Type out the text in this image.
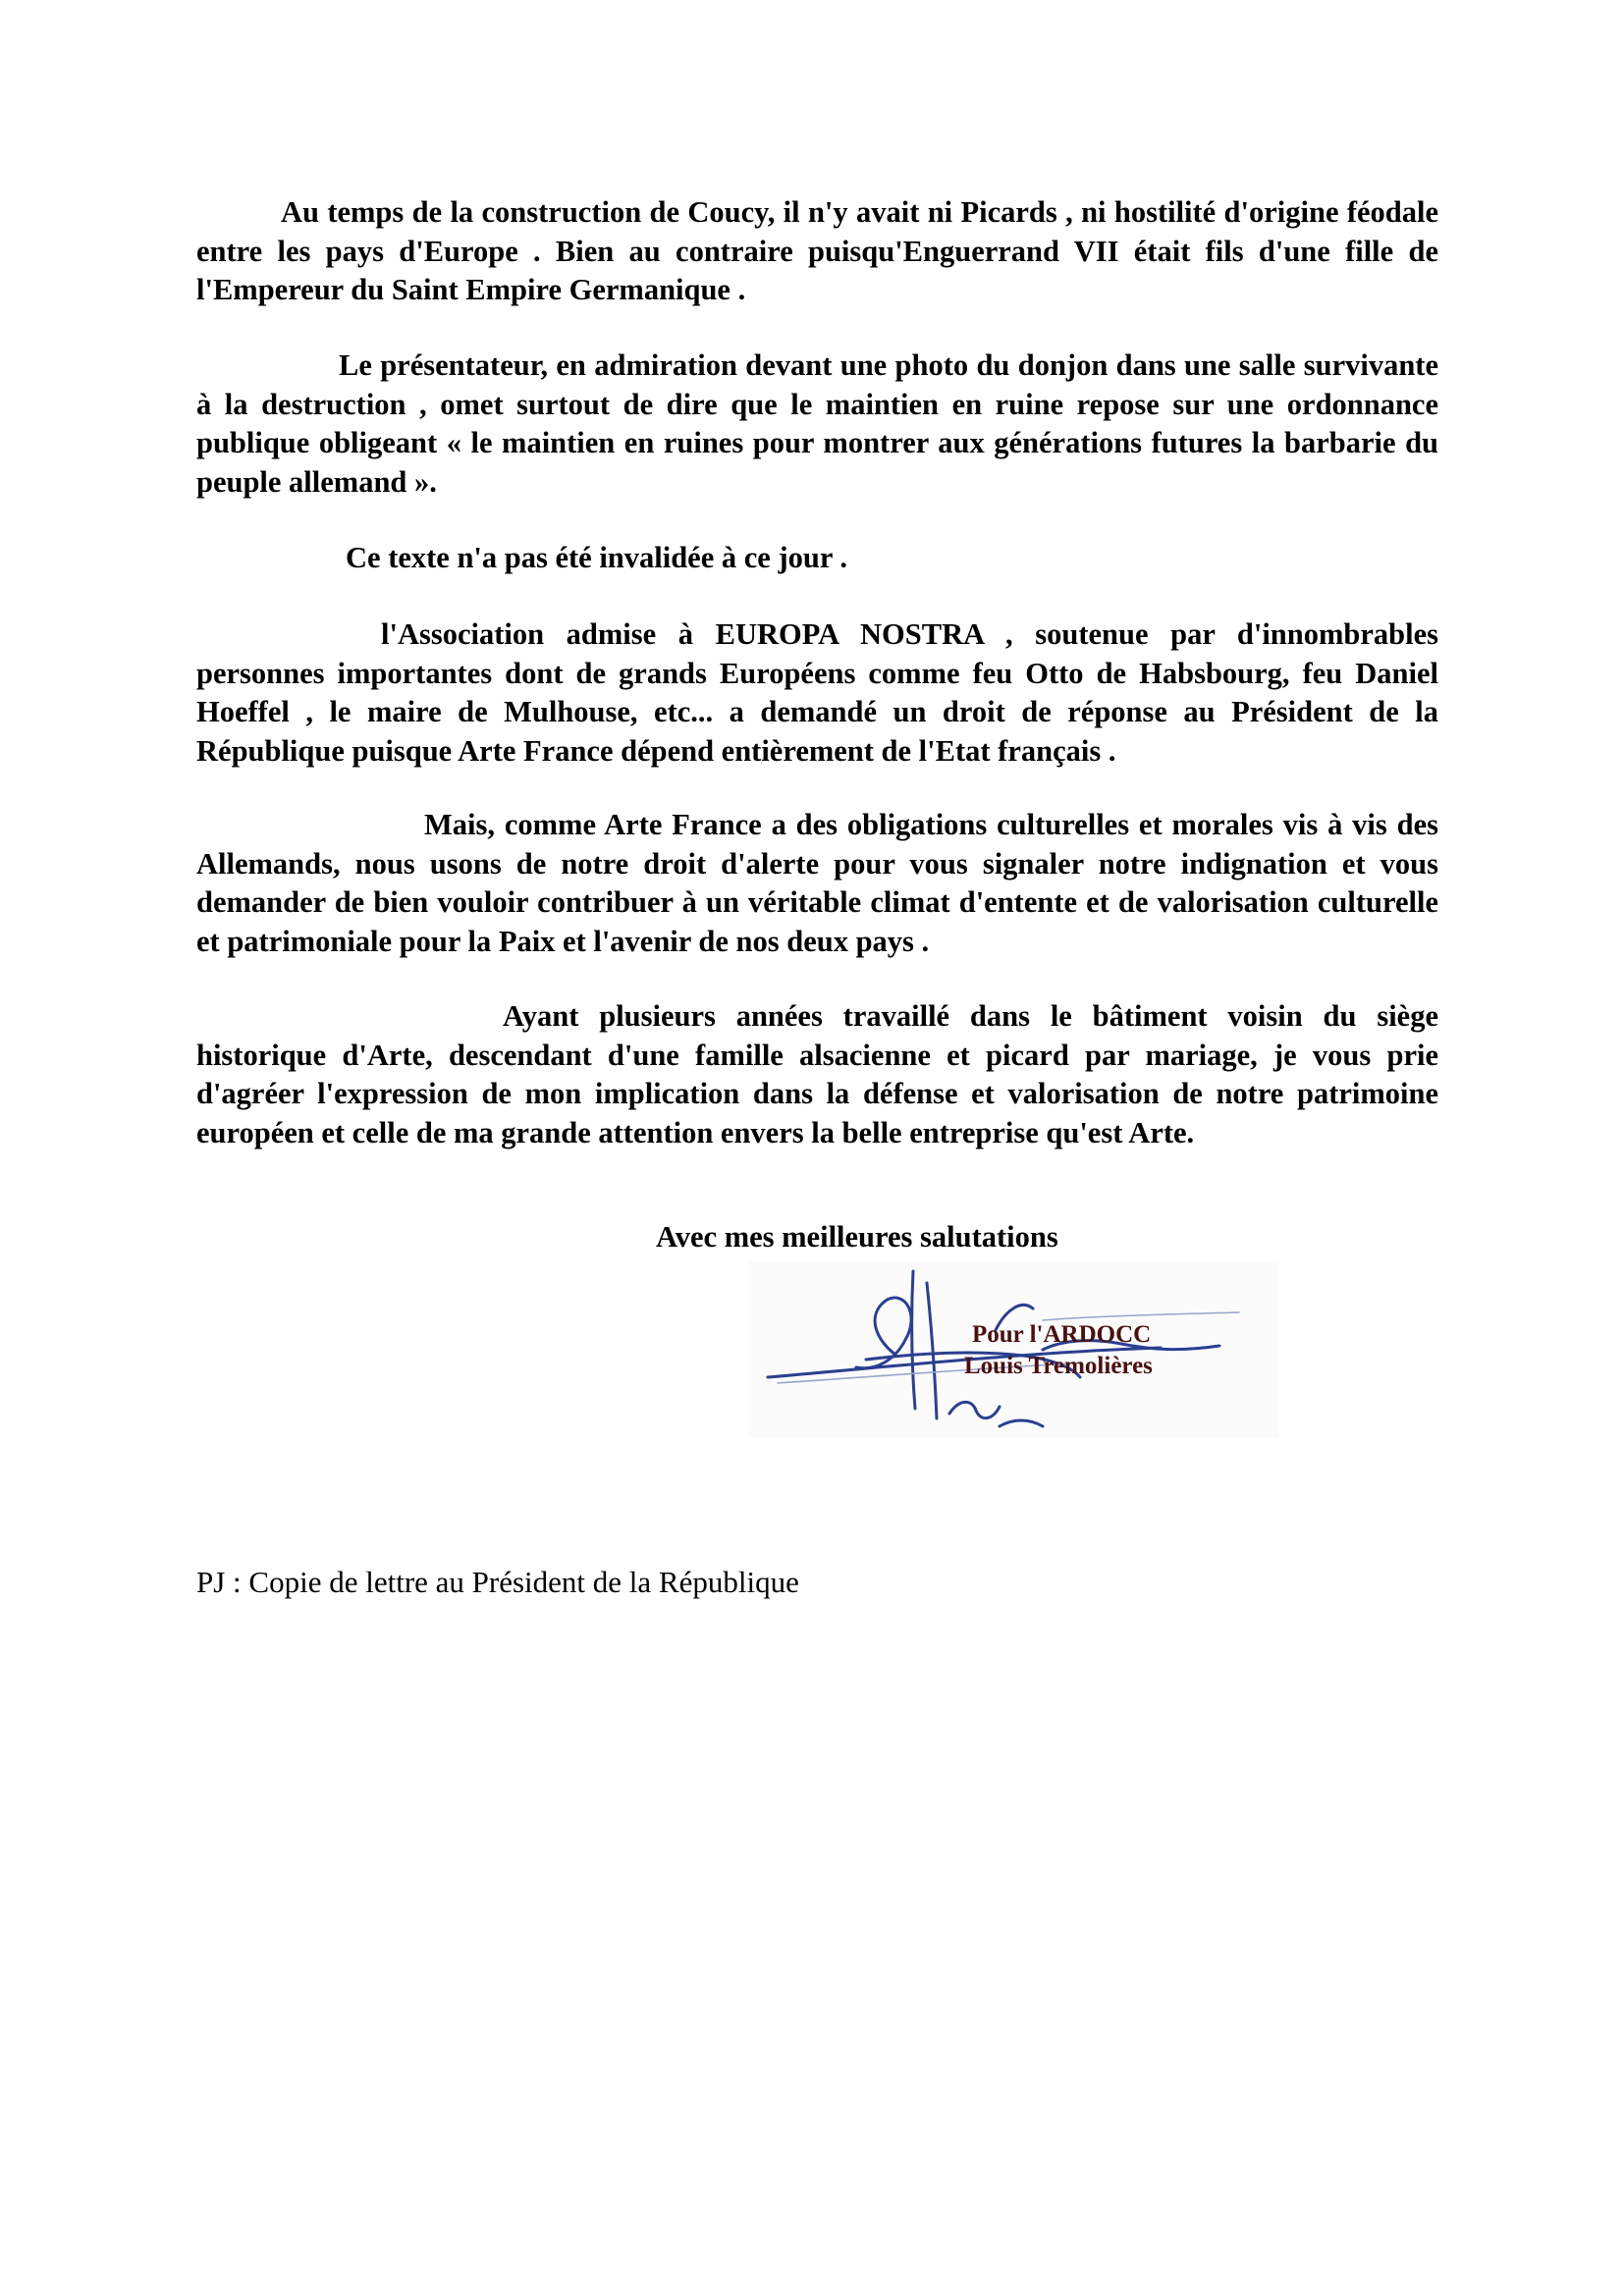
Au temps de la construction de Coucy, il n'y avait ni Picards , ni hostilité d'origine féodale entre les pays d'Europe . Bien au contraire puisqu'Enguerrand VII était fils d'une fille de l'Empereur du Saint Empire Germanique .

Le présentateur, en admiration devant une photo du donjon dans une salle survivante à la destruction , omet surtout de dire que le maintien en ruine repose sur une ordonnance publique obligeant « le maintien en ruines pour montrer aux générations futures la barbarie du peuple allemand ».

Ce texte n'a pas été invalidée à ce jour .

l'Association admise à EUROPA NOSTRA , soutenue par d'innombrables personnes importantes dont de grands Européens comme feu Otto de Habsbourg, feu Daniel Hoeffel , le maire de Mulhouse, etc... a demandé un droit de réponse au Président de la République puisque Arte France dépend entièrement de l'Etat français .

Mais, comme Arte France a des obligations culturelles et morales vis à vis des Allemands, nous usons de notre droit d'alerte pour vous signaler notre indignation et vous demander de bien vouloir contribuer à un véritable climat d'entente et de valorisation culturelle et patrimoniale pour la Paix et l'avenir de nos deux pays .

Ayant plusieurs années travaillé dans le bâtiment voisin du siège historique d'Arte, descendant d'une famille alsacienne et picard par mariage, je vous prie d'agréer l'expression de mon implication dans la défense et valorisation de notre patrimoine européen et celle de ma grande attention envers la belle entreprise qu'est Arte.

Avec mes meilleures salutations
Pour l'ARDOCC
Louis Tremolières
PJ : Copie de lettre au Président de la République
